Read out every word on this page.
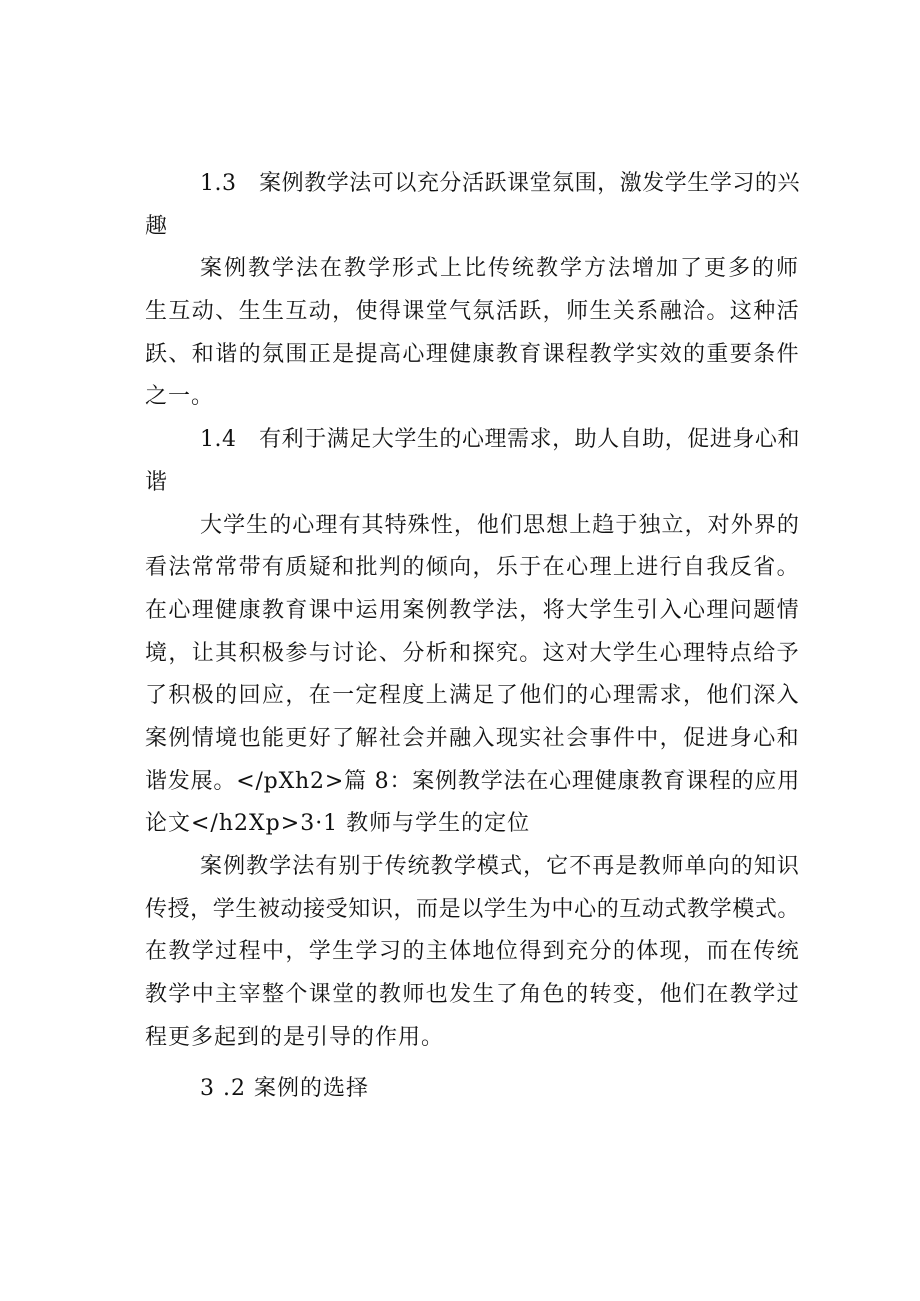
1.3　案例教学法可以充分活跃课堂氛围，激发学生学习的兴
趣
案例教学法在教学形式上比传统教学方法增加了更多的师
生互动、生生互动，使得课堂气氛活跃，师生关系融洽。这种活
跃、和谐的氛围正是提高心理健康教育课程教学实效的重要条件
之一。
1.4　有利于满足大学生的心理需求，助人自助，促进身心和
谐
大学生的心理有其特殊性，他们思想上趋于独立，对外界的
看法常常带有质疑和批判的倾向，乐于在心理上进行自我反省。
在心理健康教育课中运用案例教学法，将大学生引入心理问题情
境，让其积极参与讨论、分析和探究。这对大学生心理特点给予
了积极的回应，在一定程度上满足了他们的心理需求，他们深入
案例情境也能更好了解社会并融入现实社会事件中，促进身心和
谐发展。</pXh2>篇 8：案例教学法在心理健康教育课程的应用
论文</h2Xp>3·1 教师与学生的定位
案例教学法有别于传统教学模式，它不再是教师单向的知识
传授，学生被动接受知识，而是以学生为中心的互动式教学模式。
在教学过程中，学生学习的主体地位得到充分的体现，而在传统
教学中主宰整个课堂的教师也发生了角色的转变，他们在教学过
程更多起到的是引导的作用。
3 .2 案例的选择
